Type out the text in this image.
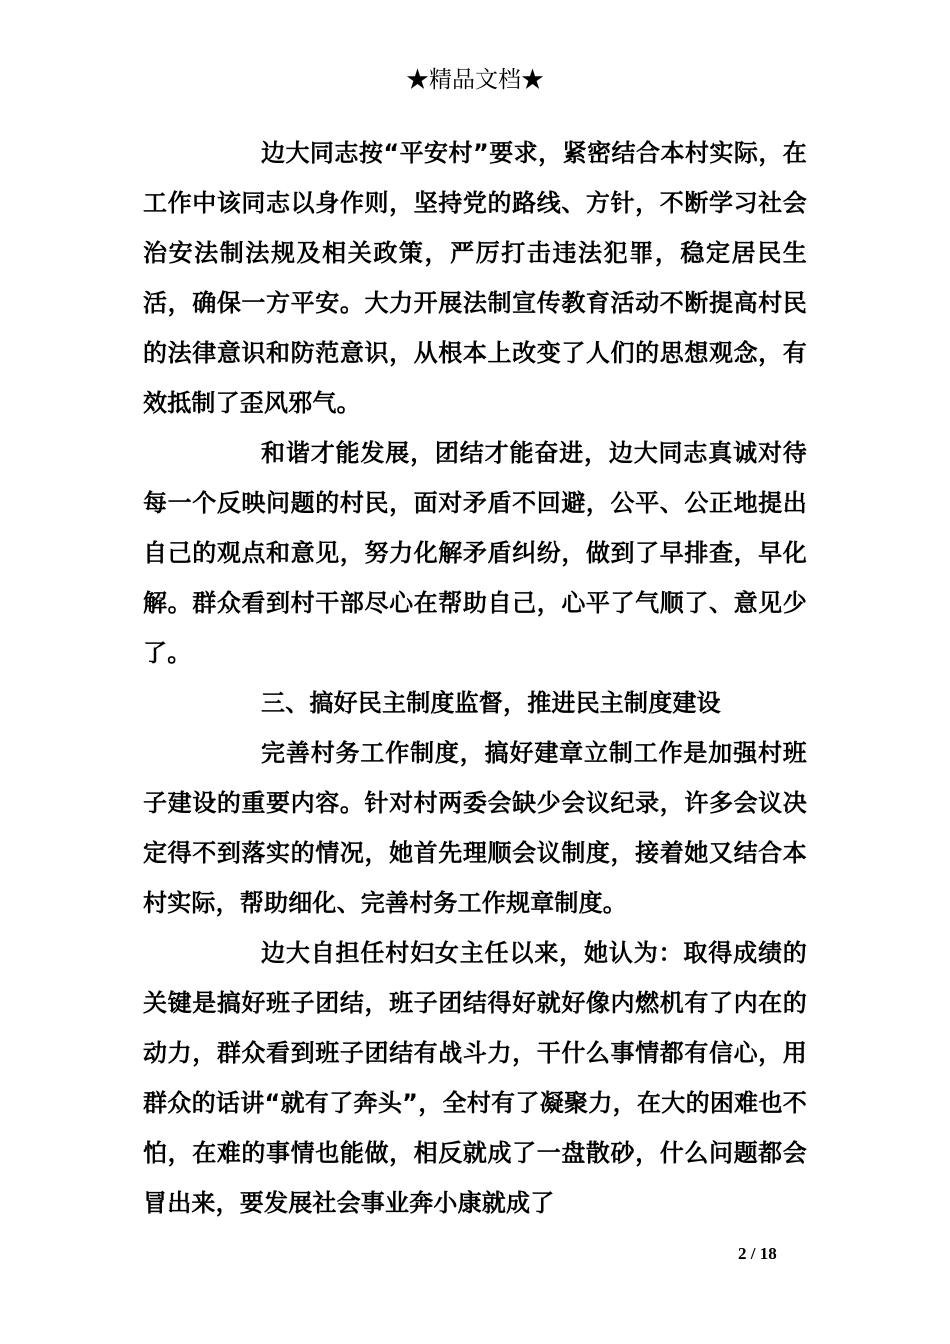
★精品文档★

边大同志按“平安村”要求，紧密结合本村实际，在工作中该同志以身作则，坚持党的路线、方针，不断学习社会治安法制法规及相关政策，严厉打击违法犯罪，稳定居民生活，确保一方平安。大力开展法制宣传教育活动不断提高村民的法律意识和防范意识，从根本上改变了人们的思想观念，有效抵制了歪风邪气。

和谐才能发展，团结才能奋进，边大同志真诚对待每一个反映问题的村民，面对矛盾不回避，公平、公正地提出自己的观点和意见，努力化解矛盾纠纷，做到了早排查，早化解。群众看到村干部尽心在帮助自己，心平了气顺了、意见少了。

三、搞好民主制度监督，推进民主制度建设

完善村务工作制度，搞好建章立制工作是加强村班子建设的重要内容。针对村两委会缺少会议纪录，许多会议决定得不到落实的情况，她首先理顺会议制度，接着她又结合本村实际，帮助细化、完善村务工作规章制度。

边大自担任村妇女主任以来，她认为：取得成绩的关键是搞好班子团结，班子团结得好就好像内燃机有了内在的动力，群众看到班子团结有战斗力，干什么事情都有信心，用群众的话讲“就有了奔头”，全村有了凝聚力，在大的困难也不怕，在难的事情也能做，相反就成了一盘散砂，什么问题都会冒出来，要发展社会事业奔小康就成了

2 / 18
